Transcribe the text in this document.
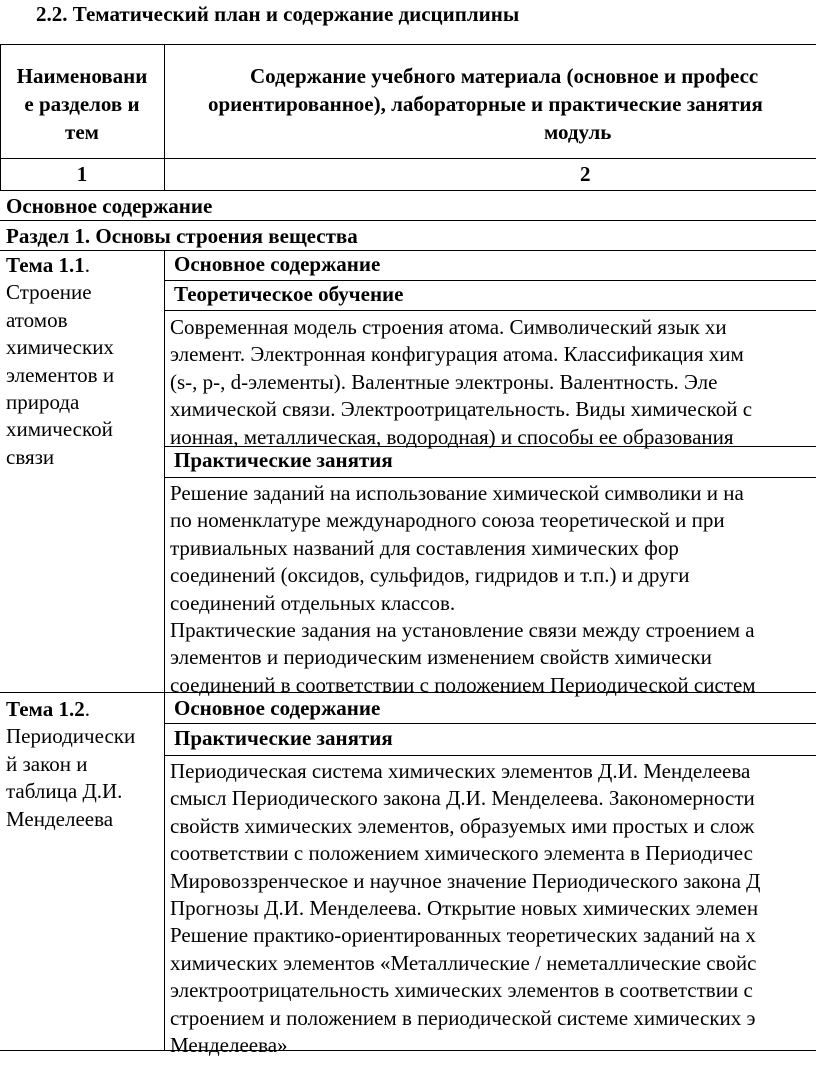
2.2. Тематический план и содержание дисциплины
Наименовани
е разделов и
тем
Содержание учебного материала (основное и професс
ориентированное), лабораторные и практические занятия
модуль
1	2
Основное содержание
Раздел 1. Основы строения вещества
Тема 1.1.
Строение
атомов
химических
элементов и
природа
химической
связи
Основное содержание
Теоретическое обучение
Современная модель строения атома. Символический язык хи
элемент. Электронная конфигурация атома. Классификация хим
(s-, p-, d-элементы). Валентные электроны. Валентность. Эле
химической связи. Электроотрицательность. Виды химической с
ионная, металлическая, водородная) и способы ее образования
Практические занятия
Решение заданий на использование химической символики и на
по номенклатуре международного союза теоретической и при
тривиальных названий для составления химических фор
соединений (оксидов, сульфидов, гидридов и т.п.) и други
соединений отдельных классов.
Практические задания на установление связи между строением а
элементов и периодическим изменением свойств химически
соединений в соответствии с положением Периодической систем
Тема 1.2.
Периодически
й закон и
таблица Д.И.
Менделеева
Основное содержание
Практические занятия
Периодическая система химических элементов Д.И. Менделеева
смысл Периодического закона Д.И. Менделеева. Закономерности
свойств химических элементов, образуемых ими простых и слож
соответствии с положением химического элемента в Периодичес
Мировоззренческое и научное значение Периодического закона Д
Прогнозы Д.И. Менделеева. Открытие новых химических элемен
Решение практико-ориентированных теоретических заданий на х
химических элементов «Металлические / неметаллические свойс
электроотрицательность химических элементов в соответствии с
строением и положением в периодической системе химических э
Менделеева»
